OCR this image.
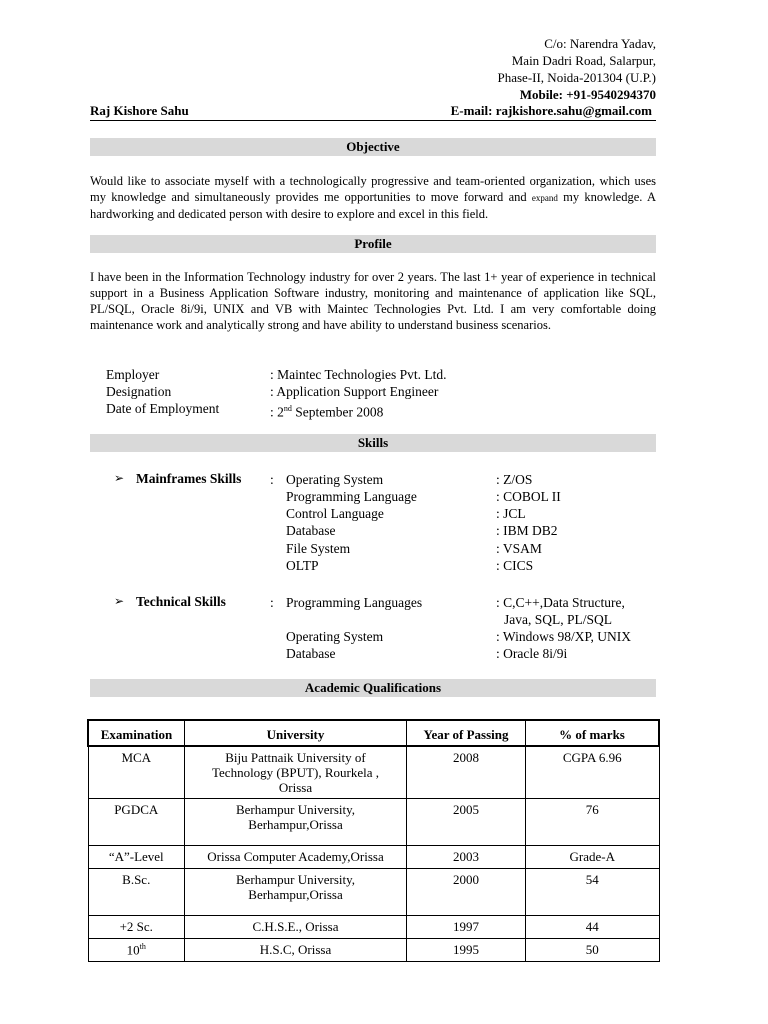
C/o: Narendra Yadav,
Main Dadri Road, Salarpur,
Phase-II, Noida-201304 (U.P.)
Mobile: +91-9540294370
Raj Kishore Sahu	E-mail: rajkishore.sahu@gmail.com
Objective
Would like to associate myself with a technologically progressive and team-oriented organization, which uses my knowledge and simultaneously provides me opportunities to move forward and expand my knowledge. A hardworking and dedicated person with desire to explore and excel in this field.
Profile
I have been in the Information Technology industry for over 2 years. The last 1+ year of experience in technical support in a Business Application Software industry, monitoring and maintenance of application like SQL, PL/SQL, Oracle 8i/9i, UNIX and VB with Maintec Technologies Pvt. Ltd. I am very comfortable doing maintenance work and analytically strong and have ability to understand business scenarios.
Employer	: Maintec Technologies Pvt. Ltd.
Designation	: Application Support Engineer
Date of Employment	: 2nd September 2008
Skills
➢ Mainframes Skills : Operating System	: Z/OS
Programming Language	: COBOL II
Control Language	: JCL
Database	: IBM DB2
File System	: VSAM
OLTP	: CICS
➢ Technical Skills	: Programming Languages	: C,C++,Data Structure,
Java, SQL, PL/SQL
Operating System	: Windows 98/XP, UNIX
Database	: Oracle 8i/9i
Academic Qualifications
Examination	University	Year of Passing	% of marks
MCA	Biju Pattnaik University of
Technology (BPUT), Rourkela ,
Orissa	2008	CGPA 6.96
PGDCA	Berhampur University,
Berhampur,Orissa	2005	76
“A”-Level	Orissa Computer Academy,Orissa	2003	Grade-A
B.Sc.	Berhampur University,
Berhampur,Orissa	2000	54
+2 Sc.	C.H.S.E., Orissa	1997	44
10th	H.S.C, Orissa	1995	50
